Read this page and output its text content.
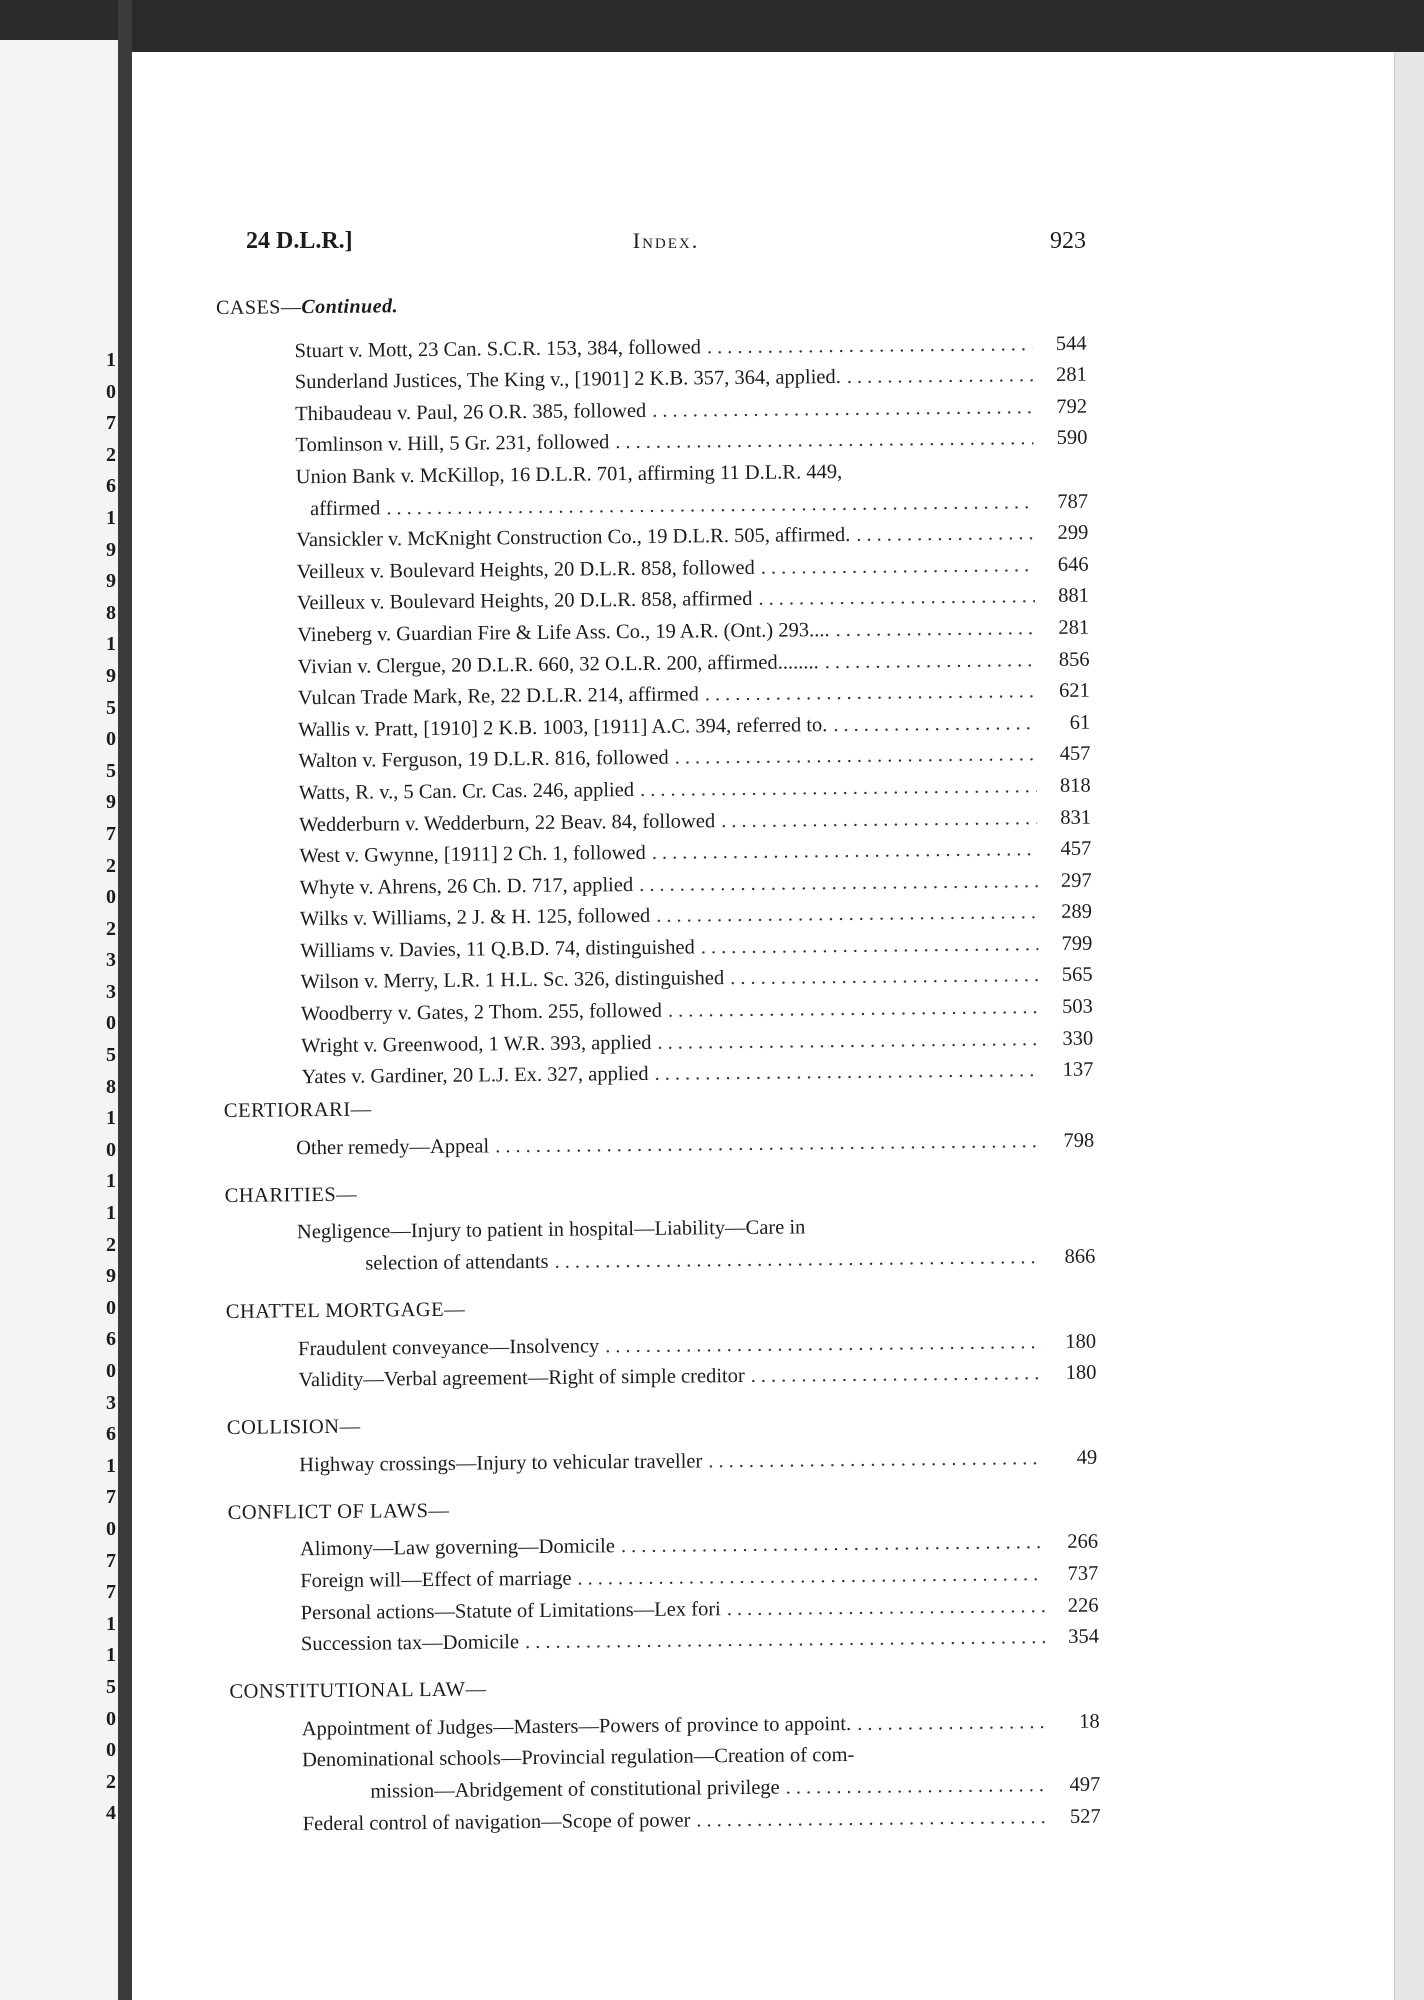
1
0
7
2
6
1
9
9
8
1
9
5
0
5
9
7
2
0
2
3
3
0
5
8
1
0
1
1
2
9
0
6
0
3
6
1
7
0
7
7
1
1
5
0
0
2
4
24 D.L.R.]	Index.	923
CASES—Continued.
Stuart v. Mott, 23 Can. S.C.R. 153, 384, followed .....	544
Sunderland Justices, The King v., [1901] 2 K.B. 357, 364, applied. .....	281
Thibaudeau v. Paul, 26 O.R. 385, followed .....	792
Tomlinson v. Hill, 5 Gr. 231, followed .....	590
Union Bank v. McKillop, 16 D.L.R. 701, affirming 11 D.L.R. 449,
affirmed .....	787
Vansickler v. McKnight Construction Co., 19 D.L.R. 505, affirmed. .....	299
Veilleux v. Boulevard Heights, 20 D.L.R. 858, followed .....	646
Veilleux v. Boulevard Heights, 20 D.L.R. 858, affirmed .....	881
Vineberg v. Guardian Fire & Life Ass. Co., 19 A.R. (Ont.) 293.... .....	281
Vivian v. Clergue, 20 D.L.R. 660, 32 O.L.R. 200, affirmed........ .....	856
Vulcan Trade Mark, Re, 22 D.L.R. 214, affirmed .....	621
Wallis v. Pratt, [1910] 2 K.B. 1003, [1911] A.C. 394, referred to. .....	61
Walton v. Ferguson, 19 D.L.R. 816, followed .....	457
Watts, R. v., 5 Can. Cr. Cas. 246, applied .....	818
Wedderburn v. Wedderburn, 22 Beav. 84, followed .....	831
West v. Gwynne, [1911] 2 Ch. 1, followed .....	457
Whyte v. Ahrens, 26 Ch. D. 717, applied .....	297
Wilks v. Williams, 2 J. & H. 125, followed .....	289
Williams v. Davies, 11 Q.B.D. 74, distinguished .....	799
Wilson v. Merry, L.R. 1 H.L. Sc. 326, distinguished .....	565
Woodberry v. Gates, 2 Thom. 255, followed .....	503
Wright v. Greenwood, 1 W.R. 393, applied .....	330
Yates v. Gardiner, 20 L.J. Ex. 327, applied .....	137
CERTIORARI—
Other remedy—Appeal .....	798
CHARITIES—
Negligence—Injury to patient in hospital—Liability—Care in
selection of attendants .....	866
CHATTEL MORTGAGE—
Fraudulent conveyance—Insolvency .....	180
Validity—Verbal agreement—Right of simple creditor .....	180
COLLISION—
Highway crossings—Injury to vehicular traveller .....	49
CONFLICT OF LAWS—
Alimony—Law governing—Domicile .....	266
Foreign will—Effect of marriage .....	737
Personal actions—Statute of Limitations—Lex fori .....	226
Succession tax—Domicile .....	354
CONSTITUTIONAL LAW—
Appointment of Judges—Masters—Powers of province to appoint. .....	18
Denominational schools—Provincial regulation—Creation of com-
mission—Abridgement of constitutional privilege .....	497
Federal control of navigation—Scope of power .....	527
